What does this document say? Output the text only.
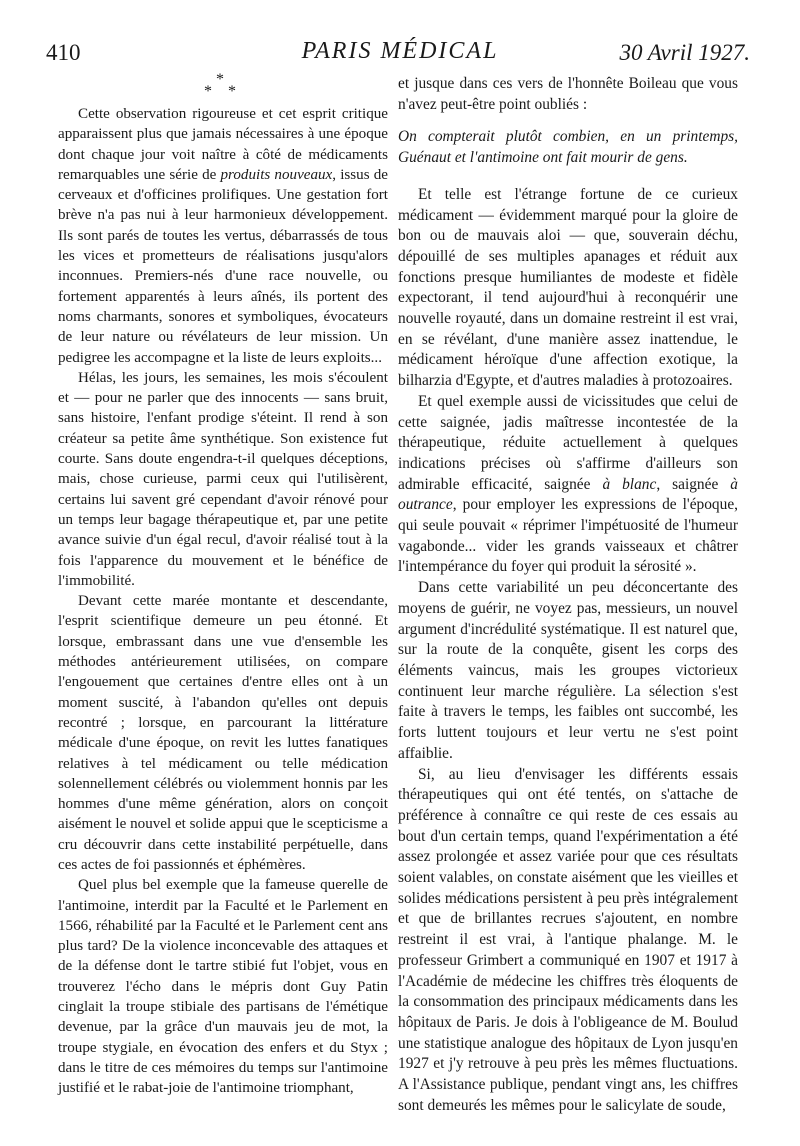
410	PARIS MÉDICAL	30 Avril 1927.
*
* *

Cette observation rigoureuse et cet esprit critique apparaissent plus que jamais nécessaires à une époque dont chaque jour voit naître à côté de médicaments remarquables une série de produits nouveaux, issus de cerveaux et d'officines prolifiques. Une gestation fort brève n'a pas nui à leur harmonieux développement. Ils sont parés de toutes les vertus, débarrassés de tous les vices et prometteurs de réalisations jusqu'alors inconnues. Premiers-nés d'une race nouvelle, ou fortement apparentés à leurs aînés, ils portent des noms charmants, sonores et symboliques, évocateurs de leur nature ou révélateurs de leur mission. Un pedigree les accompagne et la liste de leurs exploits...

Hélas, les jours, les semaines, les mois s'écoulent et — pour ne parler que des innocents — sans bruit, sans histoire, l'enfant prodige s'éteint. Il rend à son créateur sa petite âme synthétique. Son existence fut courte. Sans doute engendra-t-il quelques déceptions, mais, chose curieuse, parmi ceux qui l'utilisèrent, certains lui savent gré cependant d'avoir rénové pour un temps leur bagage thérapeutique et, par une petite avance suivie d'un égal recul, d'avoir réalisé tout à la fois l'apparence du mouvement et le bénéfice de l'immobilité.

Devant cette marée montante et descendante, l'esprit scientifique demeure un peu étonné. Et lorsque, embrassant dans une vue d'ensemble les méthodes antérieurement utilisées, on compare l'engouement que certaines d'entre elles ont à un moment suscité, à l'abandon qu'elles ont depuis recontré ; lorsque, en parcourant la littérature médicale d'une époque, on revit les luttes fanatiques relatives à tel médicament ou telle médication solennellement célébrés ou violemment honnis par les hommes d'une même génération, alors on conçoit aisément le nouvel et solide appui que le scepticisme a cru découvrir dans cette instabilité perpétuelle, dans ces actes de foi passionnés et éphémères.

Quel plus bel exemple que la fameuse querelle de l'antimoine, interdit par la Faculté et le Parlement en 1566, réhabilité par la Faculté et le Parlement cent ans plus tard? De la violence inconcevable des attaques et de la défense dont le tartre stibié fut l'objet, vous en trouverez l'écho dans le mépris dont Guy Patin cinglait la troupe stibiale des partisans de l'émétique devenue, par la grâce d'un mauvais jeu de mot, la troupe stygiale, en évocation des enfers et du Styx ; dans le titre de ces mémoires du temps sur l'antimoine justifié et le rabat-joie de l'antimoine triomphant,

et jusque dans ces vers de l'honnête Boileau que vous n'avez peut-être point oubliés :

On compterait plutôt combien, en un printemps, Guénaut et l'antimoine ont fait mourir de gens.

Et telle est l'étrange fortune de ce curieux médicament — évidemment marqué pour la gloire de bon ou de mauvais aloi — que, souverain déchu, dépouillé de ses multiples apanages et réduit aux fonctions presque humiliantes de modeste et fidèle expectorant, il tend aujourd'hui à reconquérir une nouvelle royauté, dans un domaine restreint il est vrai, en se révélant, d'une manière assez inattendue, le médicament héroïque d'une affection exotique, la bilharzia d'Egypte, et d'autres maladies à protozoaires.

Et quel exemple aussi de vicissitudes que celui de cette saignée, jadis maîtresse incontestée de la thérapeutique, réduite actuellement à quelques indications précises où s'affirme d'ailleurs son admirable efficacité, saignée à blanc, saignée à outrance, pour employer les expressions de l'époque, qui seule pouvait « réprimer l'impétuosité de l'humeur vagabonde... vider les grands vaisseaux et châtrer l'intempérance du foyer qui produit la sérosité ».

Dans cette variabilité un peu déconcertante des moyens de guérir, ne voyez pas, messieurs, un nouvel argument d'incrédulité systématique. Il est naturel que, sur la route de la conquête, gisent les corps des éléments vaincus, mais les groupes victorieux continuent leur marche régulière. La sélection s'est faite à travers le temps, les faibles ont succombé, les forts luttent toujours et leur vertu ne s'est point affaiblie.

Si, au lieu d'envisager les différents essais thérapeutiques qui ont été tentés, on s'attache de préférence à connaître ce qui reste de ces essais au bout d'un certain temps, quand l'expérimentation a été assez prolongée et assez variée pour que ces résultats soient valables, on constate aisément que les vieilles et solides médications persistent à peu près intégralement et que de brillantes recrues s'ajoutent, en nombre restreint il est vrai, à l'antique phalange. M. le professeur Grimbert a communiqué en 1907 et 1917 à l'Académie de médecine les chiffres très éloquents de la consommation des principaux médicaments dans les hôpitaux de Paris. Je dois à l'obligeance de M. Boulud une statistique analogue des hôpitaux de Lyon jusqu'en 1927 et j'y retrouve à peu près les mêmes fluctuations. A l'Assistance publique, pendant vingt ans, les chiffres sont demeurés les mêmes pour le salicylate de soude,
